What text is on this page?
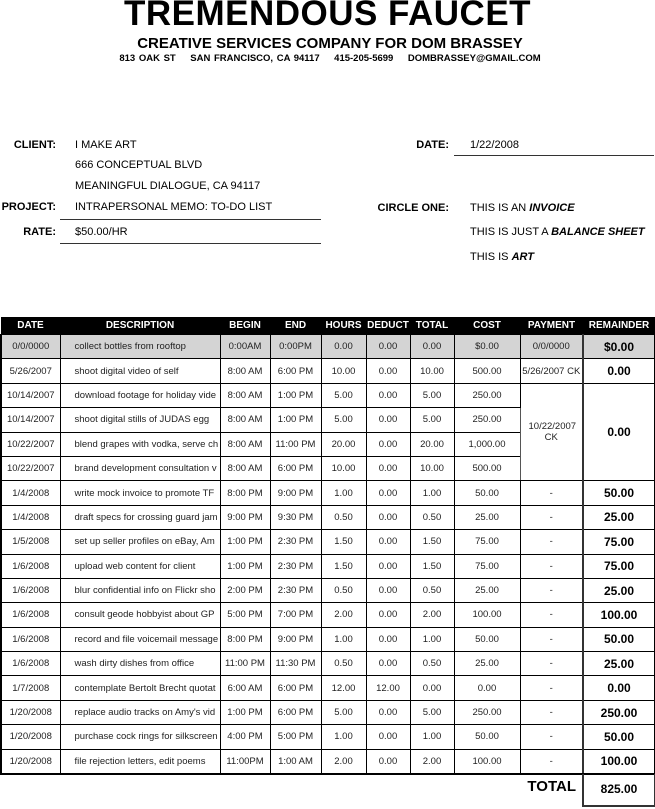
TREMENDOUS FAUCET
CREATIVE SERVICES COMPANY FOR DOM BRASSEY
813 OAK ST    SAN FRANCISCO, CA 94117    415-205-5699    DOMBRASSEY@GMAIL.COM
CLIENT: I MAKE ART
666 CONCEPTUAL BLVD
MEANINGFUL DIALOGUE, CA 94117
PROJECT: INTRAPERSONAL MEMO: TO-DO LIST
RATE: $50.00/HR
DATE: 1/22/2008
CIRCLE ONE: THIS IS AN INVOICE
THIS IS JUST A BALANCE SHEET
THIS IS ART
DATE	DESCRIPTION	BEGIN	END	HOURS	DEDUCT	TOTAL	COST	PAYMENT	REMAINDER
0/0/0000	collect bottles from rooftop	0:00AM	0:00PM	0.00	0.00	0.00	$0.00	0/0/0000	$0.00
5/26/2007	shoot digital video of self	8:00 AM	6:00 PM	10.00	0.00	10.00	500.00	5/26/2007 CK	0.00
10/14/2007	download footage for holiday vide	8:00 AM	1:00 PM	5.00	0.00	5.00	250.00	10/22/2007 CK	0.00
10/14/2007	shoot digital stills of JUDAS egg	8:00 AM	1:00 PM	5.00	0.00	5.00	250.00		
10/22/2007	blend grapes with vodka, serve ch	8:00 AM	11:00 PM	20.00	0.00	20.00	1,000.00		
10/22/2007	brand development consultation v	8:00 AM	6:00 PM	10.00	0.00	10.00	500.00		
1/4/2008	write mock invoice to promote TF	8:00 PM	9:00 PM	1.00	0.00	1.00	50.00	-	50.00
1/4/2008	draft specs for crossing guard jam	9:00 PM	9:30 PM	0.50	0.00	0.50	25.00	-	25.00
1/5/2008	set up seller profiles on eBay, Am	1:00 PM	2:30 PM	1.50	0.00	1.50	75.00	-	75.00
1/6/2008	upload web content for client	1:00 PM	2:30 PM	1.50	0.00	1.50	75.00	-	75.00
1/6/2008	blur confidential info on Flickr sho	2:00 PM	2:30 PM	0.50	0.00	0.50	25.00	-	25.00
1/6/2008	consult geode hobbyist about GP	5:00 PM	7:00 PM	2.00	0.00	2.00	100.00	-	100.00
1/6/2008	record and file voicemail message	8:00 PM	9:00 PM	1.00	0.00	1.00	50.00	-	50.00
1/6/2008	wash dirty dishes from office	11:00 PM	11:30 PM	0.50	0.00	0.50	25.00	-	25.00
1/7/2008	contemplate Bertolt Brecht quotat	6:00 AM	6:00 PM	12.00	12.00	0.00	0.00	-	0.00
1/20/2008	replace audio tracks on Amy's vid	1:00 PM	6:00 PM	5.00	0.00	5.00	250.00	-	250.00
1/20/2008	purchase cock rings for silkscreen	4:00 PM	5:00 PM	1.00	0.00	1.00	50.00	-	50.00
1/20/2008	file rejection letters, edit poems	11:00PM	1:00 AM	2.00	0.00	2.00	100.00	-	100.00
TOTAL	825.00
